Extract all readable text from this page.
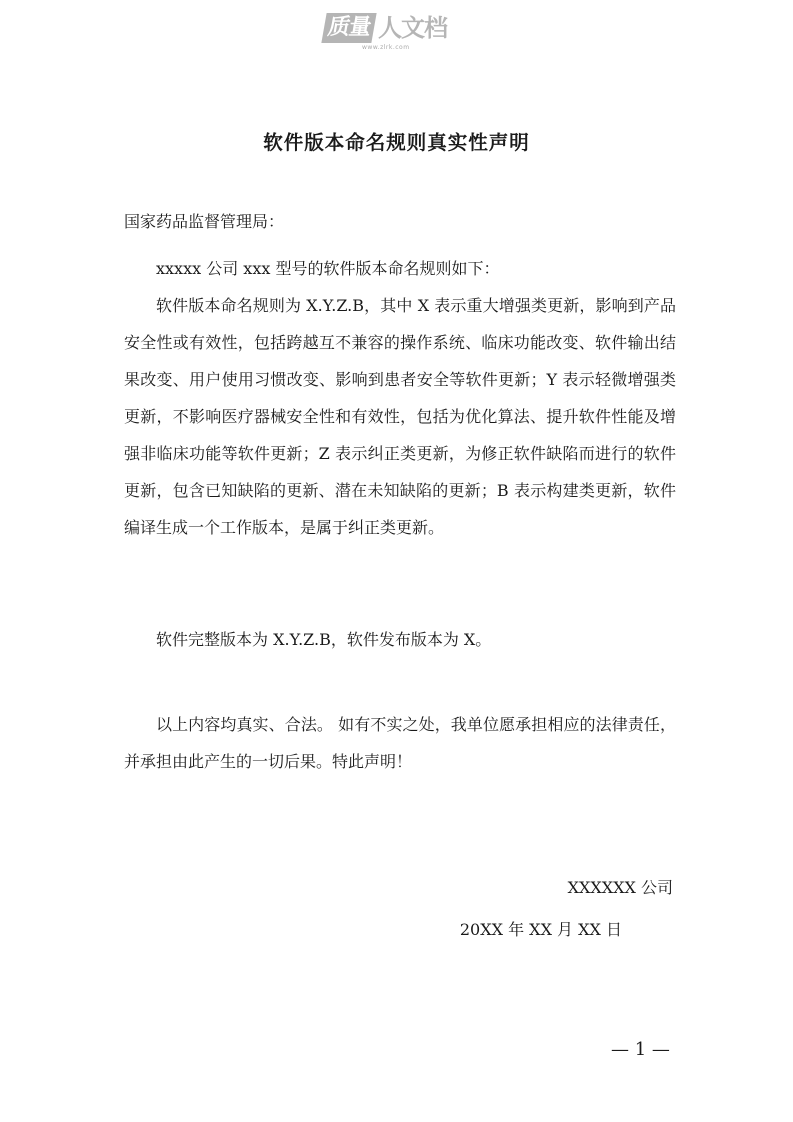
质量 人文档
www.zlrk.com
软件版本命名规则真实性声明

国家药品监督管理局：

xxxxx 公司 xxx 型号的软件版本命名规则如下：

软件版本命名规则为 X.Y.Z.B，其中 X 表示重大增强类更新，影响到产品安全性或有效性，包括跨越互不兼容的操作系统、临床功能改变、软件输出结果改变、用户使用习惯改变、影响到患者安全等软件更新；Y 表示轻微增强类更新，不影响医疗器械安全性和有效性，包括为优化算法、提升软件性能及增强非临床功能等软件更新；Z 表示纠正类更新，为修正软件缺陷而进行的软件更新，包含已知缺陷的更新、潜在未知缺陷的更新；B 表示构建类更新，软件编译生成一个工作版本，是属于纠正类更新。

软件完整版本为 X.Y.Z.B，软件发布版本为 X。

以上内容均真实、合法。 如有不实之处，我单位愿承担相应的法律责任，并承担由此产生的一切后果。特此声明！

XXXXXX 公司

20XX 年 XX 月 XX 日

— 1 —
